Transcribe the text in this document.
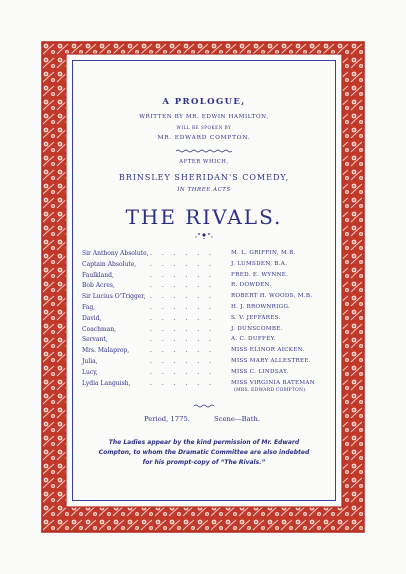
A PROLOGUE,
WRITTEN BY MR. EDWIN HAMILTON,
WILL BE SPOKEN BY
MR. EDWARD COMPTON.
AFTER WHICH,
BRINSLEY SHERIDAN'S COMEDY,
IN THREE ACTS
THE RIVALS.
Sir Anthony Absolute, . . . . . .	M. L. GRIFFIN, M.B.
Captain Absolute, . . . . . .	J. LUMSDEN, B.A.
Faulkland,	. . . . . .	FRED. E. WYNNE.
Bob Acres,	. . . . . .	R. DOWDEN.
Sir Lucius O'Trigger, . . . . . .	ROBERT H. WOODS, M.B.
Fag,	. . . . . .	H. J. BROWNRIGG.
David,	. . . . . .	S. V. JEFFARES.
Coachman,	. . . . . .	J. DUNSCOMBE.
Servant,	. . . . . .	A. C. DUFFEY.
Mrs. Malaprop,	. . . . . .	MISS ELINOR AICKEN.
Julia,	. . . . . .	MISS MARY ALLESTREE.
Lucy,	. . . . . .	MISS C. LINDSAY.
Lydia Languish,	. . . . . .	MISS VIRGINIA BATEMAN
(MRS. EDWARD COMPTON).
Period, 1775.	Scene—Bath.
The Ladies appear by the kind permission of Mr. Edward Compton, to whom the Dramatic Committee are also indebted for his prompt-copy of “The Rivals.”
